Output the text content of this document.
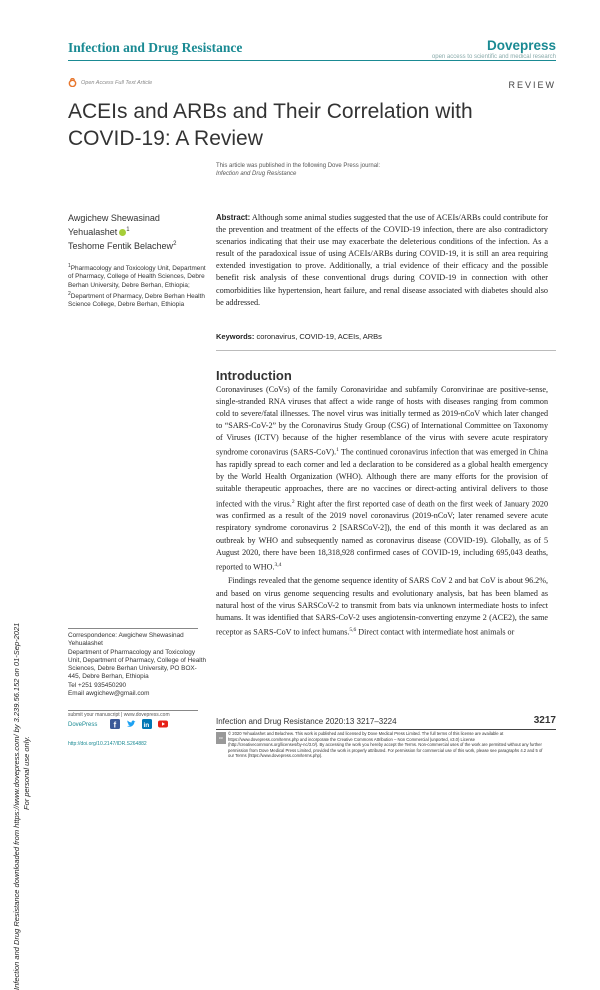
Infection and Drug Resistance	Dovepress
open access to scientific and medical research
Open Access Full Text Article	REVIEW
ACEIs and ARBs and Their Correlation with COVID-19: A Review
This article was published in the following Dove Press journal:
Infection and Drug Resistance
Infection and Drug Resistance downloaded from https://www.dovepress.com/ by 3.239.56.152 on 01-Sep-2021 For personal use only.
Awgichew Shewasinad
Yehualashet $^1$
Teshome Fentik Belachew$^2$
$^1$Pharmacology and Toxicology Unit, Department of Pharmacy, College of Health Sciences, Debre Berhan University, Debre Berhan, Ethiopia;
$^2$Department of Pharmacy, Debre Berhan Health Science College, Debre Berhan, Ethiopia
Abstract: Although some animal studies suggested that the use of ACEIs/ARBs could contribute for the prevention and treatment of the effects of the COVID-19 infection, there are also contradictory scenarios indicating that their use may exacerbate the deleterious conditions of the infection. As a result of the paradoxical issue of using ACEIs/ARBs during COVID-19, it is still an area requiring extended investigation to prove. Additionally, a trial evidence of their efficacy and the possible benefit risk analysis of these conventional drugs during COVID-19 in connection with other comorbidities like hypertension, heart failure, and renal disease associated with diabetes should also be addressed.
Keywords: coronavirus, COVID-19, ACEIs, ARBs
Introduction

Coronaviruses (CoVs) of the family Coronaviridae and subfamily Coronvirinae are positive-sense, single-stranded RNA viruses that affect a wide range of hosts with diseases ranging from common cold to severe/fatal illnesses. The novel virus was initially termed as 2019-nCoV which later changed to “SARS-CoV-2” by the Coronavirus Study Group (CSG) of International Committee on Taxonomy of Viruses (ICTV) because of the higher resemblance of the virus with severe acute respiratory syndrome coronavirus (SARS-CoV).$^1$ The continued coronavirus infection that was emerged in China has rapidly spread to each corner and led a declaration to be considered as a global health emergency by the World Health Organization (WHO). Although there are many efforts for the provision of suitable therapeutic approaches, there are no vaccines or direct-acting antiviral delivers to those infected with the virus.$^2$ Right after the first reported case of death on the first week of January 2020 was confirmed as a result of the 2019 novel coronavirus (2019-nCoV; later renamed severe acute respiratory syndrome coronavirus 2 [SARSCoV-2]), the end of this month it was declared as an outbreak by WHO and subsequently named as coronavirus disease (COVID-19). Globally, as of 5 August 2020, there have been 18,318,928 confirmed cases of COVID-19, including 695,043 deaths, reported to WHO.$^{3,4}$

Findings revealed that the genome sequence identity of SARS CoV 2 and bat CoV is about 96.2%, and based on virus genome sequencing results and evolutionary analysis, bat has been blamed as natural host of the virus SARSCoV-2 to transmit from bats via unknown intermediate hosts to infect humans. It was identified that SARS-CoV-2 uses angiotensin-converting enzyme 2 (ACE2), the same receptor as SARS-CoV to infect humans.$^{5,6}$ Direct contact with intermediate host animals or

Correspondence: Awgichew Shewasinad Yehualashet
Department of Pharmacology and Toxicology Unit, Department of Pharmacy, College of Health Sciences, Debre Berhan University, PO BOX- 445, Debre Berhan, Ethiopia
Tel +251 935450290
Email awgichew@gmail.com
submit your manuscript | www.dovepress.com
DovePress f	in
http://doi.org/10.2147/IDR.S264882
Infection and Drug Resistance 2020:13 3217–3224	3217
cc
© 2020 Yehualashet and Belachew. This work is published and licensed by Dove Medical Press Limited. The full terms of this license are available at https://www.dovepress.com/terms.php and incorporate the Creative Commons Attribution – Non Commercial (unported, v3.0) License (http://creativecommons.org/licenses/by-nc/3.0/). By accessing the work you hereby accept the Terms. Non-commercial uses of the work are permitted without any further permission from Dove Medical Press Limited, provided the work is properly attributed. For permission for commercial use of this work, please see paragraphs 4.2 and 5 of our Terms (https://www.dovepress.com/terms.php).
